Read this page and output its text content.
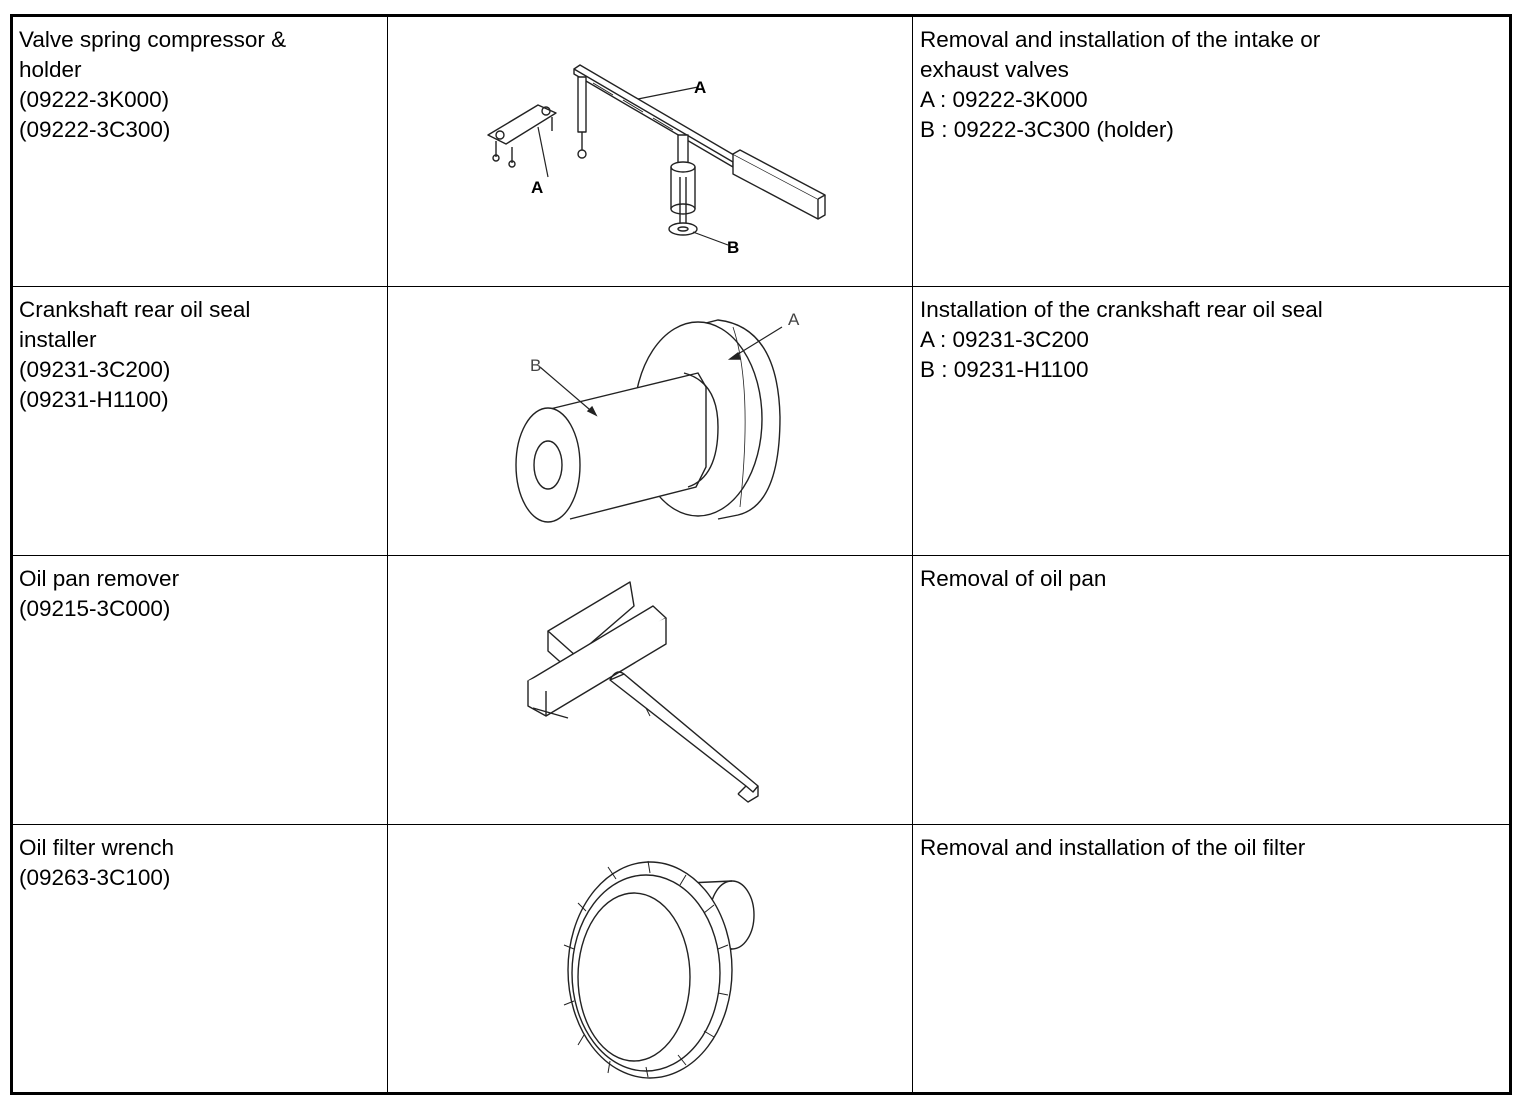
Valve spring compressor &
holder
(09222-3K000)
(09222-3C300)
A
A
B
Removal and installation of the intake or
exhaust valves
A : 09222-3K000
B : 09222-3C300 (holder)
Crankshaft rear oil seal
installer
(09231-3C200)
(09231-H1100)
B
A	Installation of the crankshaft rear oil seal
A : 09231-3C200
B : 09231-H1100
Oil pan remover
(09215-3C000)
Removal of oil pan
Oil filter wrench
(09263-3C100)
Removal and installation of the oil filter
